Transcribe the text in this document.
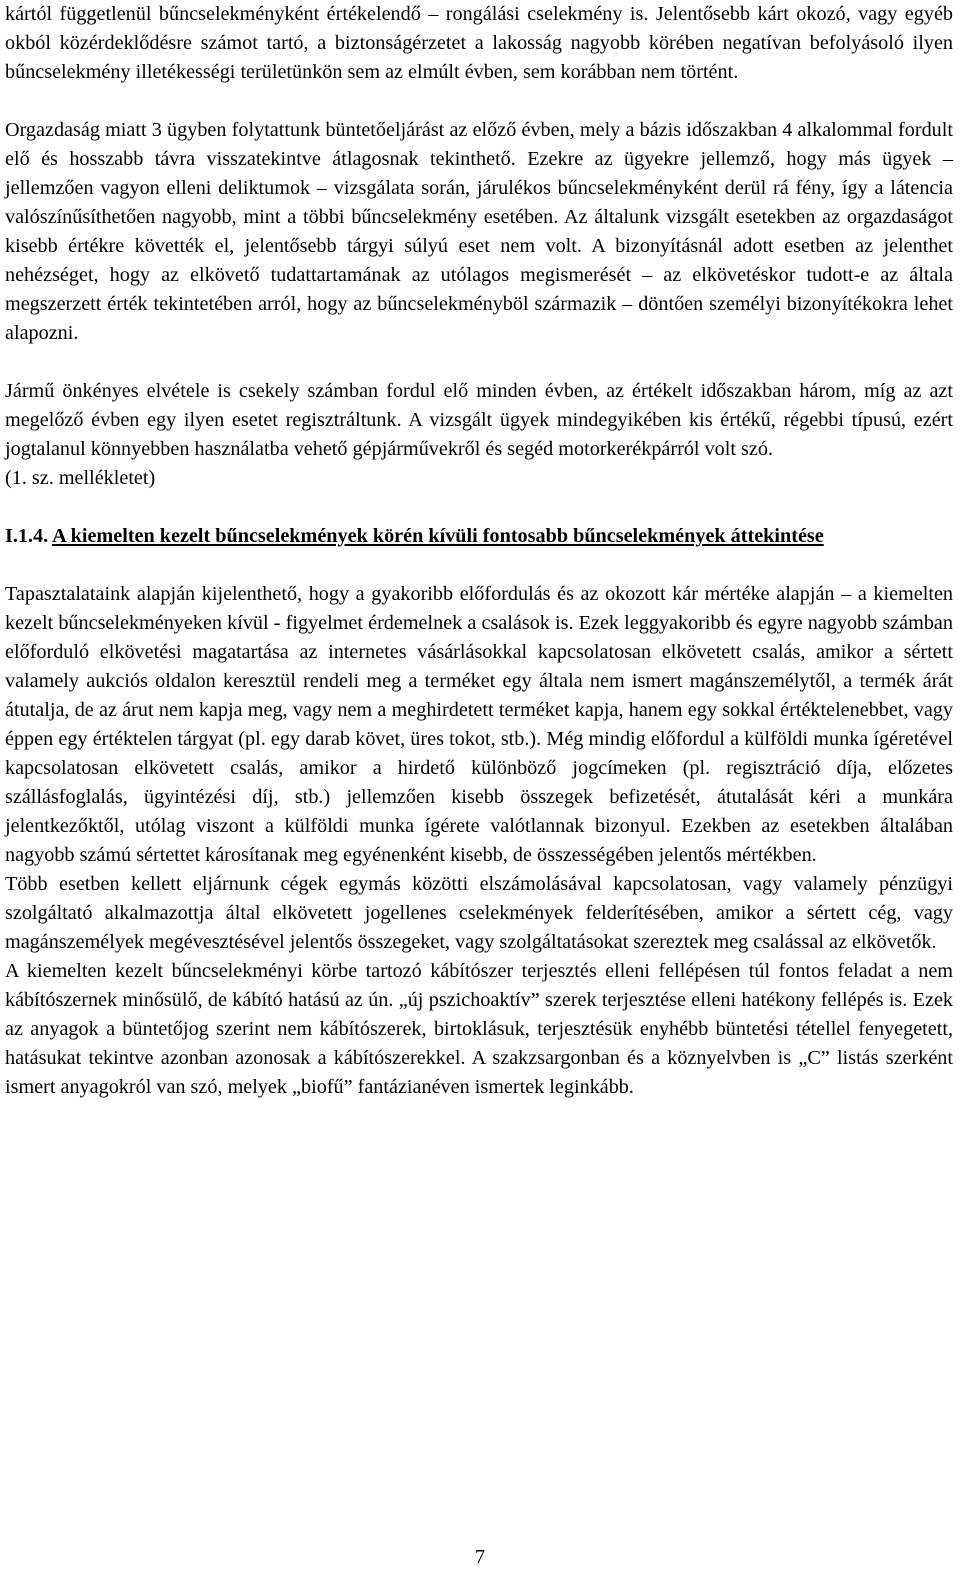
kártól függetlenül bűncselekményként értékelendő – rongálási cselekmény is. Jelentősebb kárt okozó, vagy egyéb okból közérdeklődésre számot tartó, a biztonságérzetet a lakosság nagyobb körében negatívan befolyásoló ilyen bűncselekmény illetékességi területünkön sem az elmúlt évben, sem korábban nem történt.

Orgazdaság miatt 3 ügyben folytattunk büntetőeljárást az előző évben, mely a bázis időszakban 4 alkalommal fordult elő és hosszabb távra visszatekintve átlagosnak tekinthető. Ezekre az ügyekre jellemző, hogy más ügyek – jellemzően vagyon elleni deliktumok – vizsgálata során, járulékos bűncselekményként derül rá fény, így a látencia valószínűsíthetően nagyobb, mint a többi bűncselekmény esetében. Az általunk vizsgált esetekben az orgazdaságot kisebb értékre követték el, jelentősebb tárgyi súlyú eset nem volt. A bizonyításnál adott esetben az jelenthet nehézséget, hogy az elkövető tudattartamának az utólagos megismerését – az elkövetéskor tudott-e az általa megszerzett érték tekintetében arról, hogy az bűncselekményböl származik – döntően személyi bizonyítékokra lehet alapozni.

Jármű önkényes elvétele is csekely számban fordul elő minden évben, az értékelt időszakban három, míg az azt megelőző évben egy ilyen esetet regisztráltunk. A vizsgált ügyek mindegyikében kis értékű, régebbi típusú, ezért jogtalanul könnyebben használatba vehető gépjárművekről és segéd motorkerékpárról volt szó.

(1. sz. mellékletet)

I.1.4. A kiemelten kezelt bűncselekmények körén kívüli fontosabb bűncselekmények áttekintése

Tapasztalataink alapján kijelenthető, hogy a gyakoribb előfordulás és az okozott kár mértéke alapján – a kiemelten kezelt bűncselekményeken kívül - figyelmet érdemelnek a csalások is. Ezek leggyakoribb és egyre nagyobb számban előforduló elkövetési magatartása az internetes vásárlásokkal kapcsolatosan elkövetett csalás, amikor a sértett valamely aukciós oldalon keresztül rendeli meg a terméket egy általa nem ismert magánszemélytől, a termék árát átutalja, de az árut nem kapja meg, vagy nem a meghirdetett terméket kapja, hanem egy sokkal értéktelenebbet, vagy éppen egy értéktelen tárgyat (pl. egy darab követ, üres tokot, stb.). Még mindig előfordul a külföldi munka ígéretével kapcsolatosan elkövetett csalás, amikor a hirdető különböző jogcímeken (pl. regisztráció díja, előzetes szállásfoglalás, ügyintézési díj, stb.) jellemzően kisebb összegek befizetését, átutalását kéri a munkára jelentkezőktől, utólag viszont a külföldi munka ígérete valótlannak bizonyul. Ezekben az esetekben általában nagyobb számú sértettet károsítanak meg egyénenként kisebb, de összességében jelentős mértékben.

Több esetben kellett eljárnunk cégek egymás közötti elszámolásával kapcsolatosan, vagy valamely pénzügyi szolgáltató alkalmazottja által elkövetett jogellenes cselekmények felderítésében, amikor a sértett cég, vagy magánszemélyek megévesztésével jelentős összegeket, vagy szolgáltatásokat szereztek meg csalással az elkövetők.

A kiemelten kezelt bűncselekményi körbe tartozó kábítószer terjesztés elleni fellépésen túl fontos feladat a nem kábítószernek minősülő, de kábító hatású az ún. „új pszichoaktív” szerek terjesztése elleni hatékony fellépés is. Ezek az anyagok a büntetőjog szerint nem kábítószerek, birtoklásuk, terjesztésük enyhébb büntetési tétellel fenyegetett, hatásukat tekintve azonban azonosak a kábítószerekkel. A szakzsargonban és a köznyelvben is „C” listás szerként ismert anyagokról van szó, melyek „biofű” fantázianéven ismertek leginkább.

7
